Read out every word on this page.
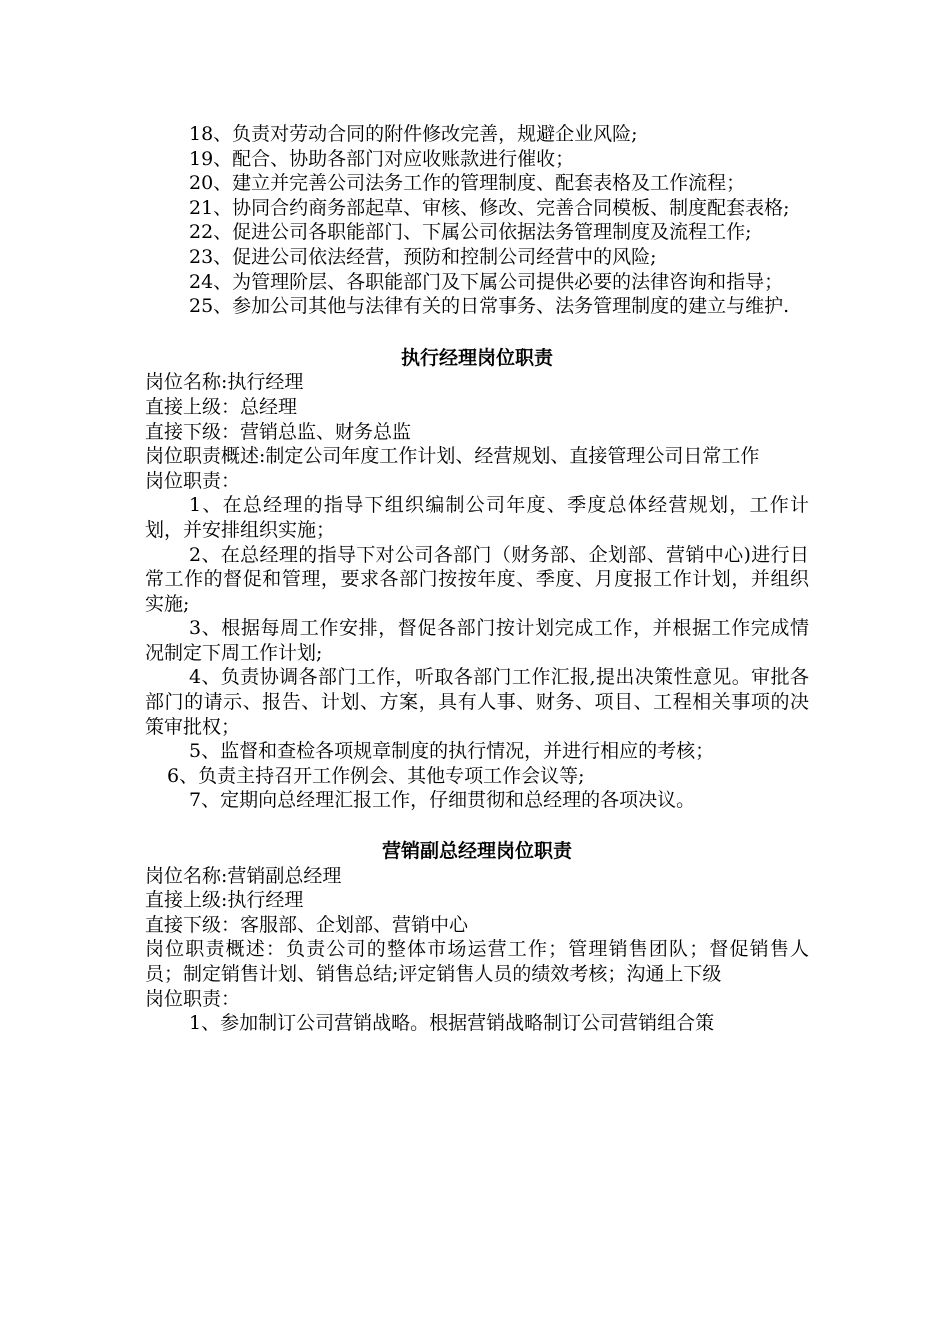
18、负责对劳动合同的附件修改完善，规避企业风险;

19、配合、协助各部门对应收账款进行催收；

20、建立并完善公司法务工作的管理制度、配套表格及工作流程；

21、协同合约商务部起草、审核、修改、完善合同模板、制度配套表格;

22、促进公司各职能部门、下属公司依据法务管理制度及流程工作;

23、促进公司依法经营，预防和控制公司经营中的风险;

24、为管理阶层、各职能部门及下属公司提供必要的法律咨询和指导；

25、参加公司其他与法律有关的日常事务、法务管理制度的建立与维护.

执行经理岗位职责

岗位名称:执行经理

直接上级：总经理

直接下级：营销总监、财务总监

岗位职责概述:制定公司年度工作计划、经营规划、直接管理公司日常工作

岗位职责：

1、在总经理的指导下组织编制公司年度、季度总体经营规划，工作计划，并安排组织实施；

2、在总经理的指导下对公司各部门（财务部、企划部、营销中心)进行日常工作的督促和管理，要求各部门按按年度、季度、月度报工作计划，并组织实施;

3、根据每周工作安排，督促各部门按计划完成工作，并根据工作完成情况制定下周工作计划;

4、负责协调各部门工作，听取各部门工作汇报,提出决策性意见。审批各部门的请示、报告、计划、方案，具有人事、财务、项目、工程相关事项的决策审批权；

5、监督和查检各项规章制度的执行情况，并进行相应的考核；

6、负责主持召开工作例会、其他专项工作会议等;

7、定期向总经理汇报工作，仔细贯彻和总经理的各项决议。

营销副总经理岗位职责

岗位名称:营销副总经理

直接上级:执行经理

直接下级：客服部、企划部、营销中心

岗位职责概述：负责公司的整体市场运营工作；管理销售团队；督促销售人员；制定销售计划、销售总结;评定销售人员的绩效考核；沟通上下级

岗位职责：

1、参加制订公司营销战略。根据营销战略制订公司营销组合策
